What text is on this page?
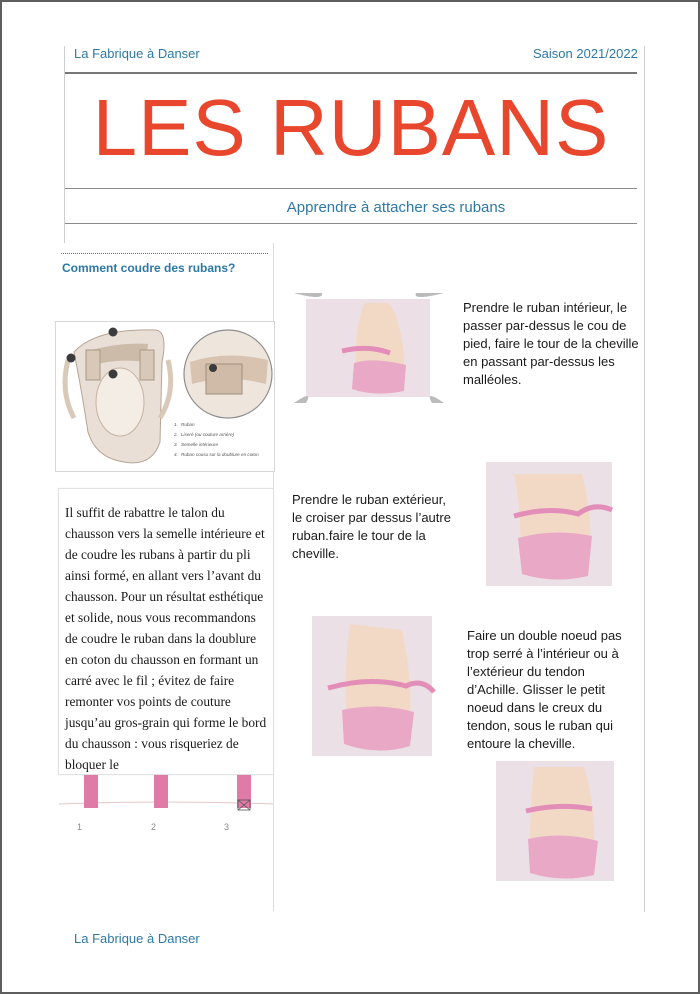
La Fabrique à Danser	Saison 2021/2022
LES RUBANS
Apprendre à attacher ses rubans
Comment coudre des rubans?
1. Ruban
2. Liseré (ou couture arrière)
3. Semelle intérieure
4. Ruban cousu sur la doublure en coton
1	2	3

Il suffit de rabattre le talon du chausson vers la semelle intérieure et de coudre les rubans à partir du pli ainsi formé, en allant vers l’avant du chausson. Pour un résultat esthétique et solide, nous vous recommandons de coudre le ruban dans la doublure en coton du chausson en formant un carré avec le fil ; évitez de faire remonter vos points de couture jusqu’au gros-grain qui forme le bord du chausson : vous risqueriez de bloquer le

Prendre le ruban intérieur, le passer par-dessus le cou de pied, faire le tour de la cheville en passant par-dessus les malléoles.

Prendre le ruban extérieur, le croiser par dessus l’autre ruban.faire le tour de la cheville.

Faire un double noeud pas trop serré à l’intérieur ou à l’extérieur du tendon d’Achille. Glisser le petit noeud dans le creux du tendon, sous le ruban qui entoure la cheville.

La Fabrique à Danser
